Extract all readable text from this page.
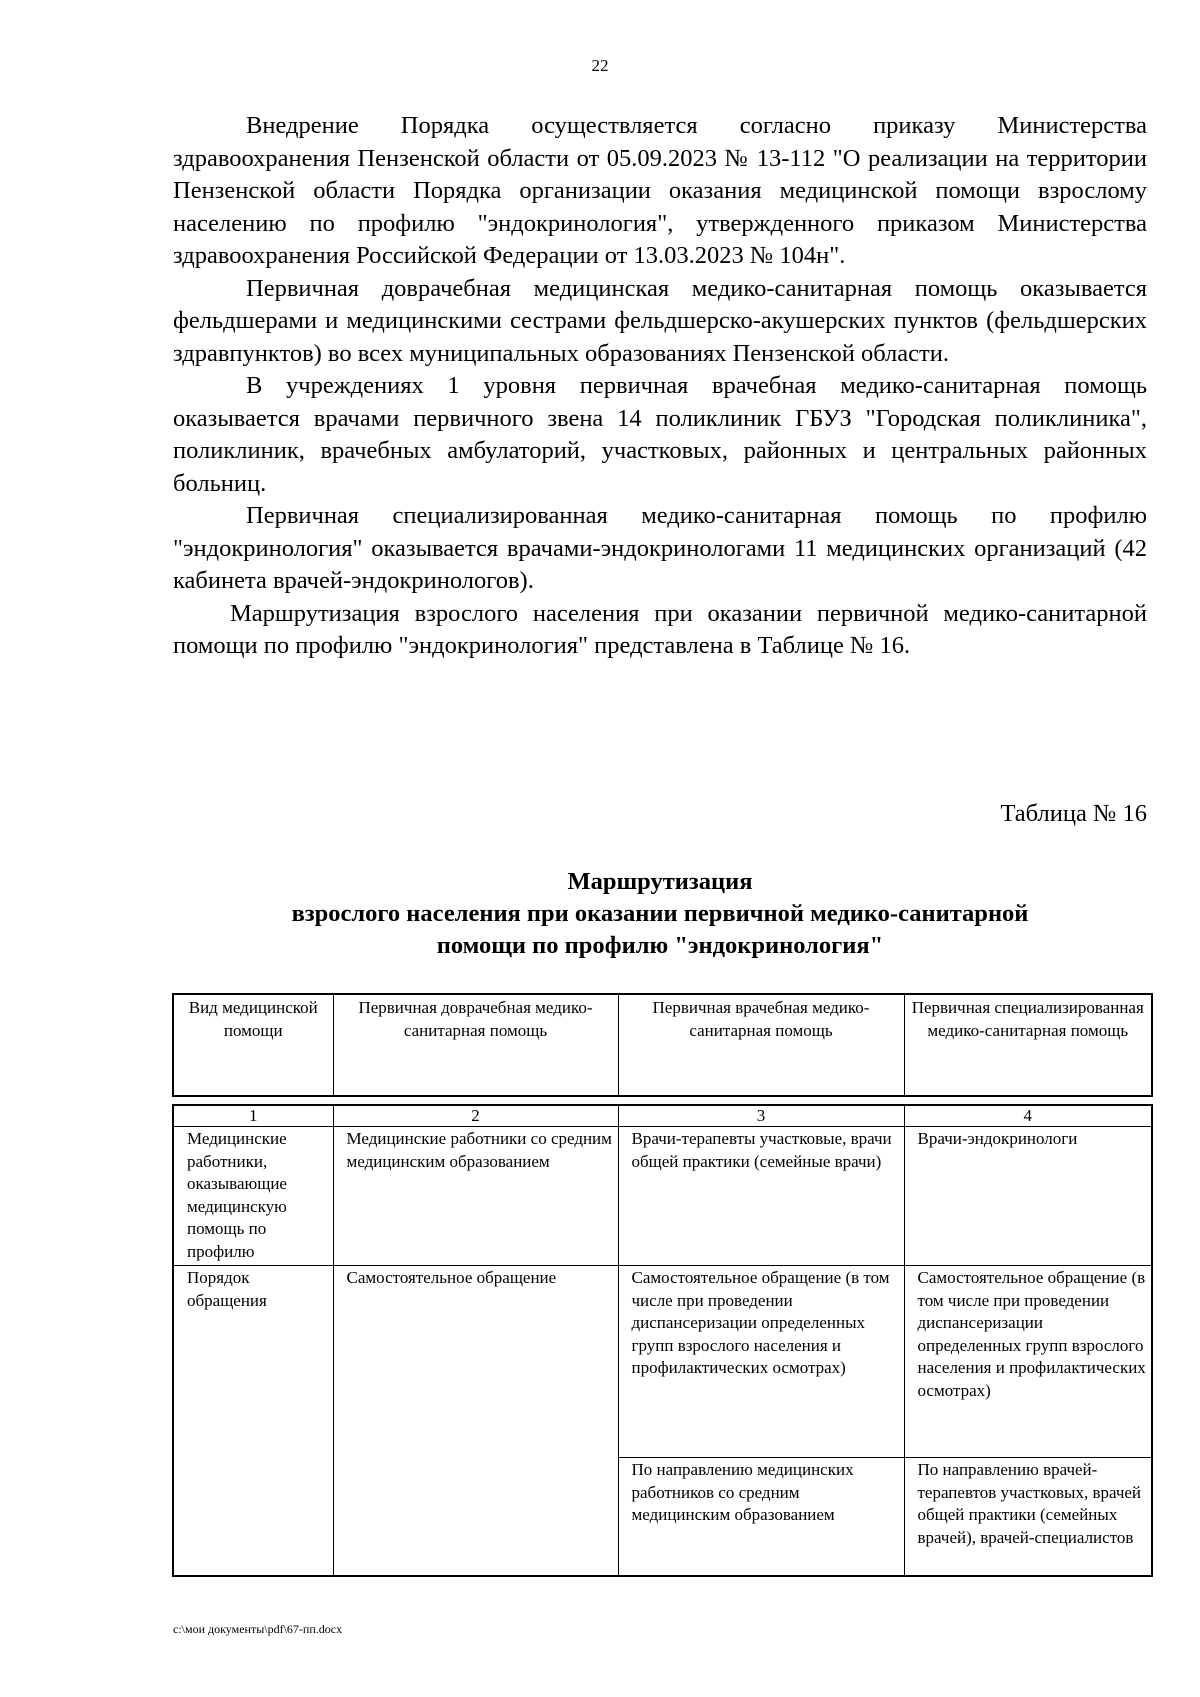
22

Внедрение Порядка осуществляется согласно приказу Министерства здравоохранения Пензенской области от 05.09.2023 № 13-112 "О реализации на территории Пензенской области Порядка организации оказания медицинской помощи взрослому населению по профилю "эндокринология", утвержденного приказом Министерства здравоохранения Российской Федерации от 13.03.2023 № 104н".

Первичная доврачебная медицинская медико-санитарная помощь оказывается фельдшерами и медицинскими сестрами фельдшерско-акушерских пунктов (фельдшерских здравпунктов) во всех муниципальных образованиях Пензенской области.

В учреждениях 1 уровня первичная врачебная медико-санитарная помощь оказывается врачами первичного звена 14 поликлиник ГБУЗ "Городская поликлиника", поликлиник, врачебных амбулаторий, участковых, районных и центральных районных больниц.

Первичная специализированная медико-санитарная помощь по профилю "эндокринология" оказывается врачами-эндокринологами 11 медицинских организаций (42 кабинета врачей-эндокринологов).

Маршрутизация взрослого населения при оказании первичной медико-санитарной помощи по профилю "эндокринология" представлена в Таблице № 16.

Таблица № 16
Маршрутизация
взрослого населения при оказании первичной медико-санитарной
помощи по профилю "эндокринология"
Вид медицинской помощи	Первичная доврачебная медико-санитарная помощь	Первичная врачебная медико-санитарная помощь	Первичная специализированная медико-санитарная помощь
1	2	3	4
Медицинские работники, оказывающие медицинскую помощь по профилю	Медицинские работники со средним медицинским образованием	Врачи-терапевты участковые, врачи общей практики (семейные врачи)	Врачи-эндокринологи
Порядок обращения	Самостоятельное обращение	Самостоятельное обращение (в том числе при проведении диспансеризации определенных групп взрослого населения и профилактических осмотрах)	Самостоятельное обращение (в том числе при проведении диспансеризации определенных групп взрослого населения и профилактических осмотрах)
		По направлению медицинских работников со средним медицинским образованием	По направлению врачей-терапевтов участковых, врачей общей практики (семейных врачей), врачей-специалистов
c:\мои документы\pdf\67-пп.docx
